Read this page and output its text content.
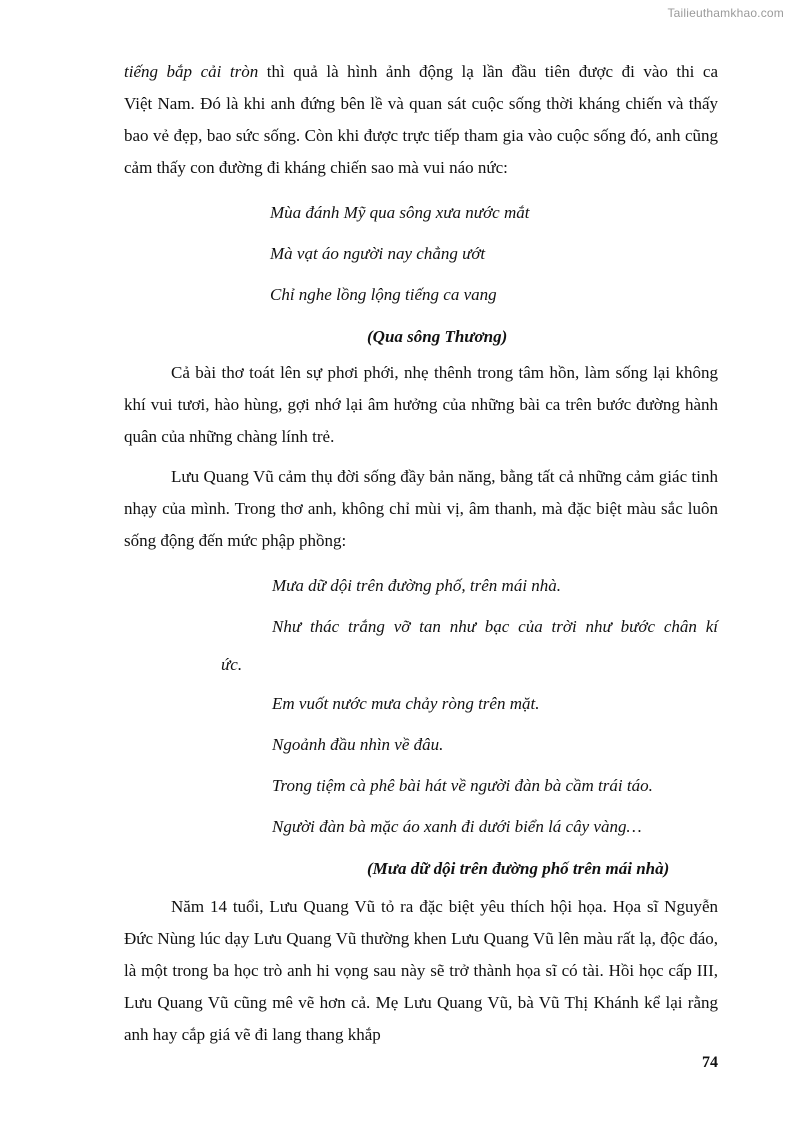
Tailieuthamkhao.com

tiếng bắp cải tròn thì quả là hình ảnh động lạ lần đầu tiên được đi vào thi ca
Việt Nam. Đó là khi anh đứng bên lề và quan sát cuộc sống thời kháng chiến và thấy bao vẻ đẹp, bao sức sống. Còn khi được trực tiếp tham gia vào cuộc sống đó, anh cũng cảm thấy con đường đi kháng chiến sao mà vui náo nức:

Mùa đánh Mỹ qua sông xưa nước mắt

Mà vạt áo người nay chẳng ướt

Chỉ nghe lồng lộng tiếng ca vang

(Qua sông Thương)

Cả bài thơ toát lên sự phơi phới, nhẹ thênh trong tâm hồn, làm sống lại không khí vui tươi, hào hùng, gợi nhớ lại âm hưởng của những bài ca trên bước đường hành quân của những chàng lính trẻ.

Lưu Quang Vũ cảm thụ đời sống đầy bản năng, bằng tất cả những cảm giác tinh nhạy của mình. Trong thơ anh, không chỉ mùi vị, âm thanh, mà đặc biệt màu sắc luôn sống động đến mức phập phồng:

Mưa dữ dội trên đường phố, trên mái nhà.

Như thác trắng vỡ tan như bạc của trời như bước chân kí

ức.

Em vuốt nước mưa chảy ròng trên mặt.

Ngoảnh đầu nhìn về đâu.

Trong tiệm cà phê bài hát về người đàn bà cầm trái táo.

Người đàn bà mặc áo xanh đi dưới biển lá cây vàng…

(Mưa dữ dội trên đường phố trên mái nhà)

Năm 14 tuổi, Lưu Quang Vũ tỏ ra đặc biệt yêu thích hội họa. Họa sĩ Nguyễn Đức Nùng lúc dạy Lưu Quang Vũ thường khen Lưu Quang Vũ lên màu rất lạ, độc đáo, là một trong ba học trò anh hi vọng sau này sẽ trở thành họa sĩ có tài. Hồi học cấp III, Lưu Quang Vũ cũng mê vẽ hơn cả. Mẹ Lưu Quang Vũ, bà Vũ Thị Khánh kể lại rằng anh hay cắp giá vẽ đi lang thang khắp

74
